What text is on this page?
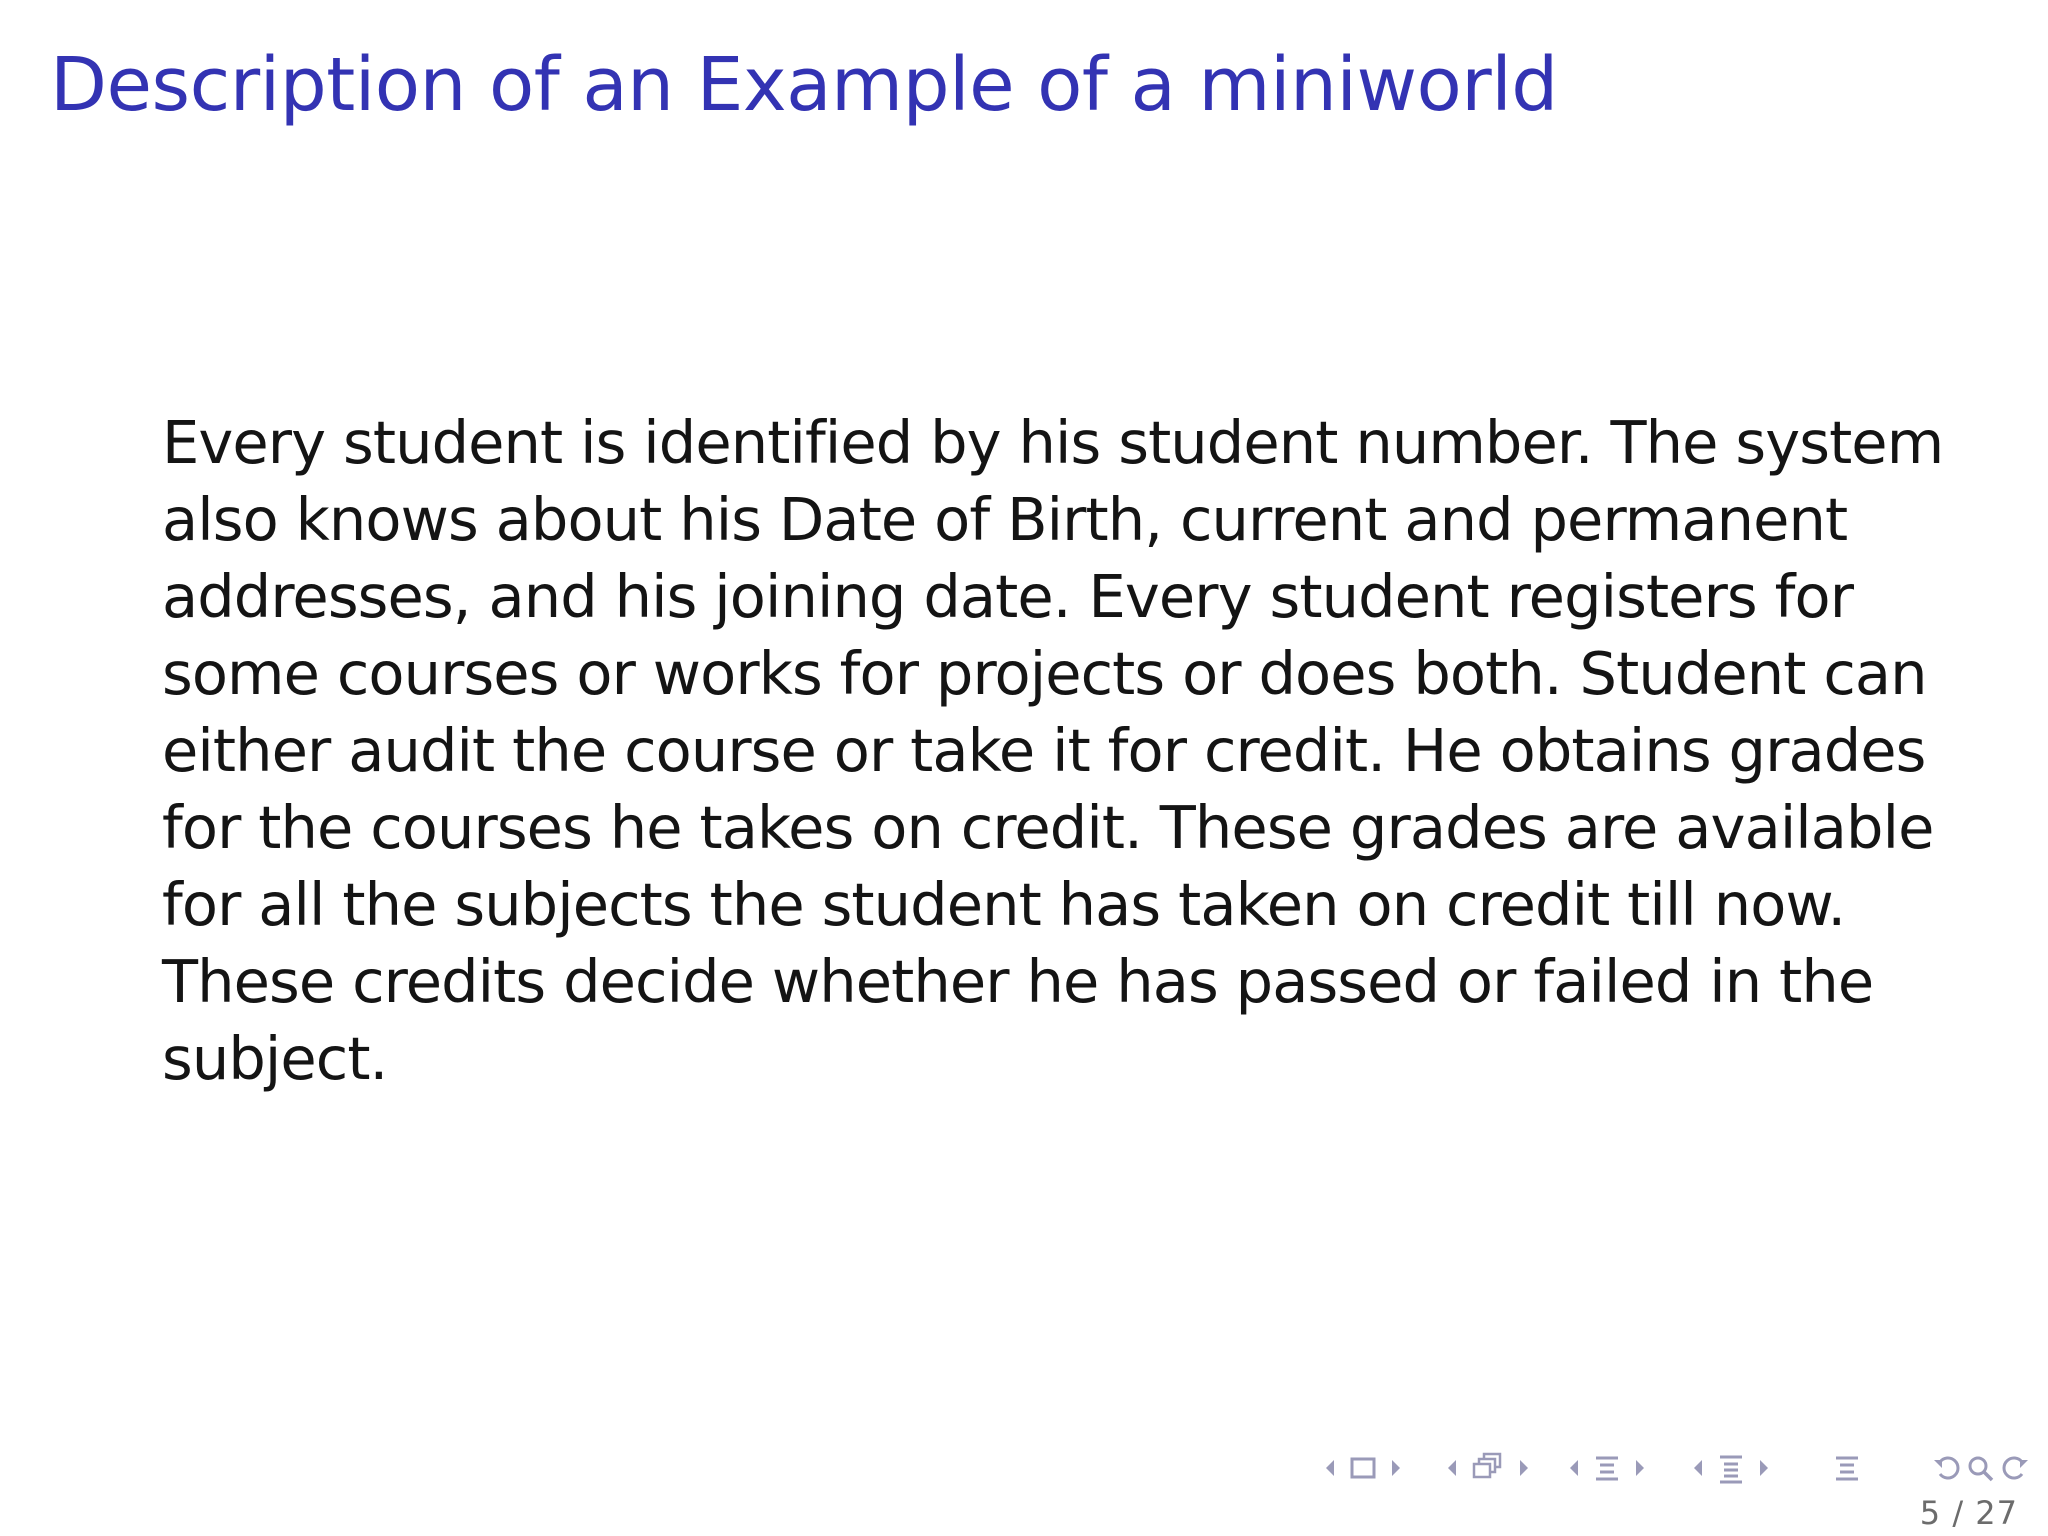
Description of an Example of a miniworld
Every student is identified by his student number. The system
also knows about his Date of Birth, current and permanent
addresses, and his joining date. Every student registers for
some courses or works for projects or does both. Student can
either audit the course or take it for credit. He obtains grades
for the courses he takes on credit. These grades are available
for all the subjects the student has taken on credit till now.
These credits decide whether he has passed or failed in the
subject.
5 / 27
